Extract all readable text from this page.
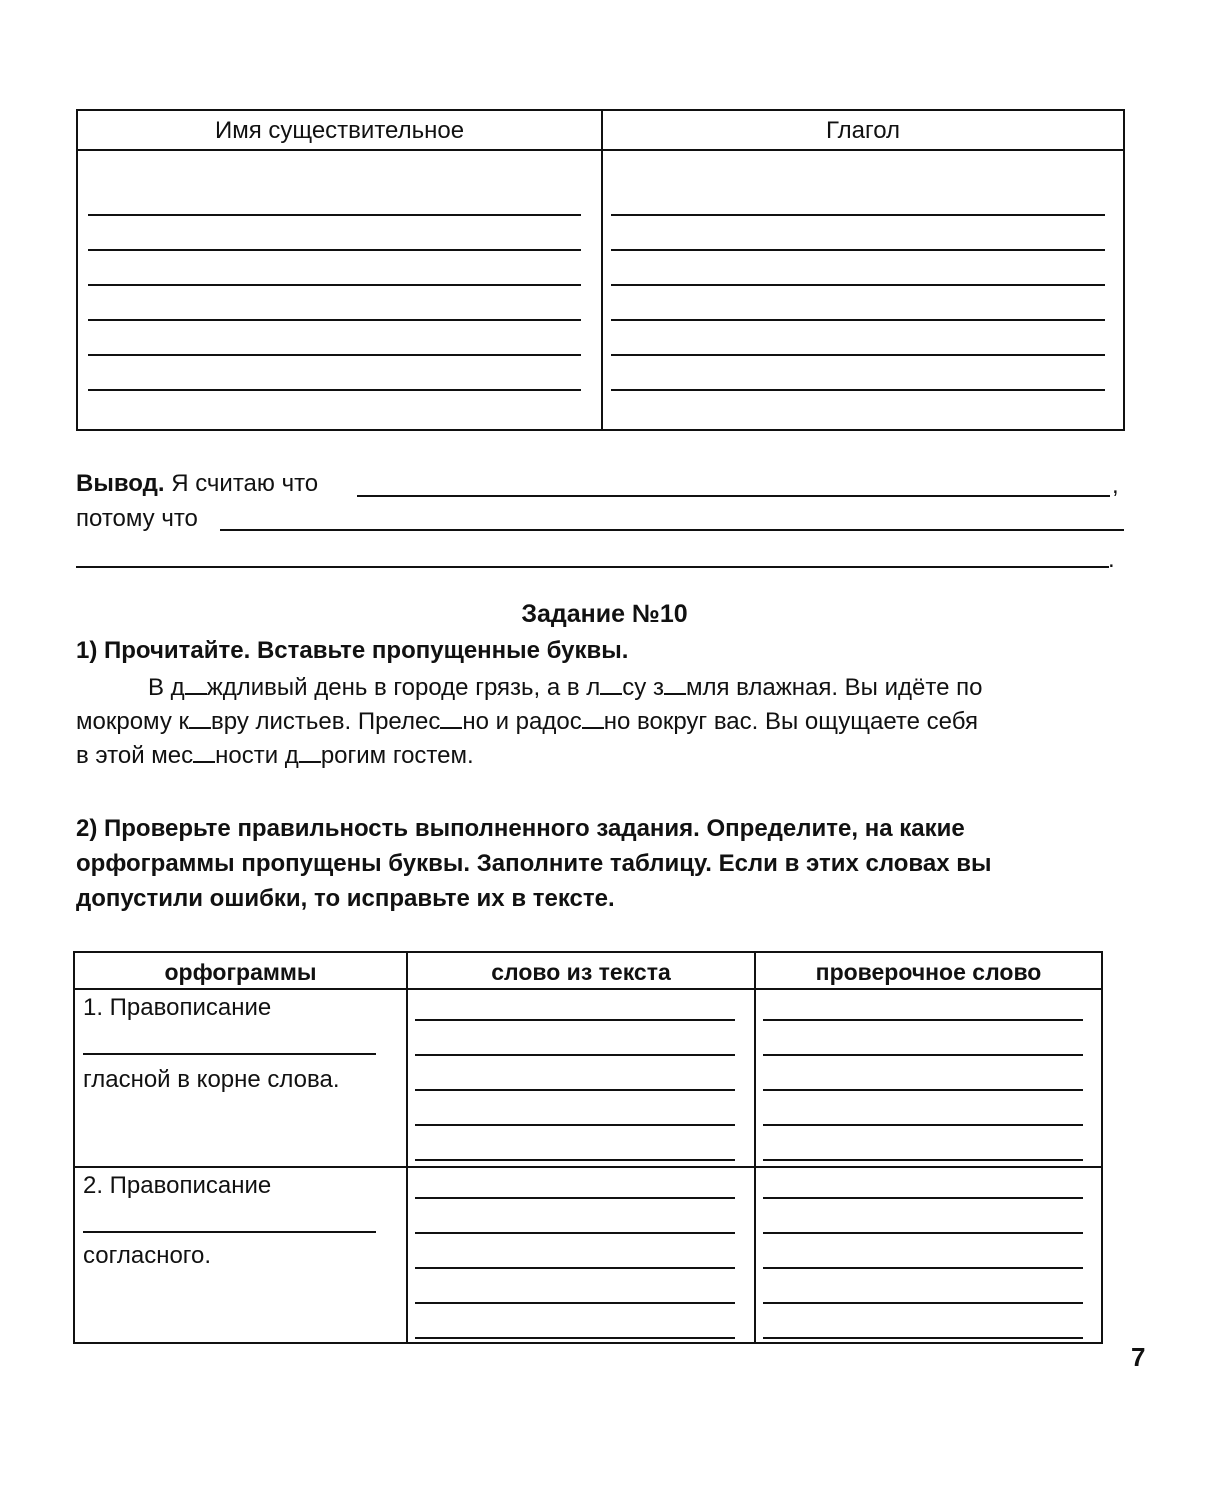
Имя существительное	Глагол
Вывод. Я считаю что	,
потому что
.
Задание №10
1) Прочитайте. Вставьте пропущенные буквы.
В д ждливый день в городе грязь, а в л су з мля влажная. Вы идёте по
мокрому к вру листьев. Прелес но и радос но вокруг вас. Вы ощущаете себя
в этой мес ности д рогим гостем.
2) Проверьте правильность выполненного задания. Определите, на какие
орфограммы пропущены буквы. Заполните таблицу. Если в этих словах вы
допустили ошибки, то исправьте их в тексте.
орфограммы	слово из текста	проверочное слово
1. Правописание
гласной в корне слова.
2. Правописание
согласного.
7
